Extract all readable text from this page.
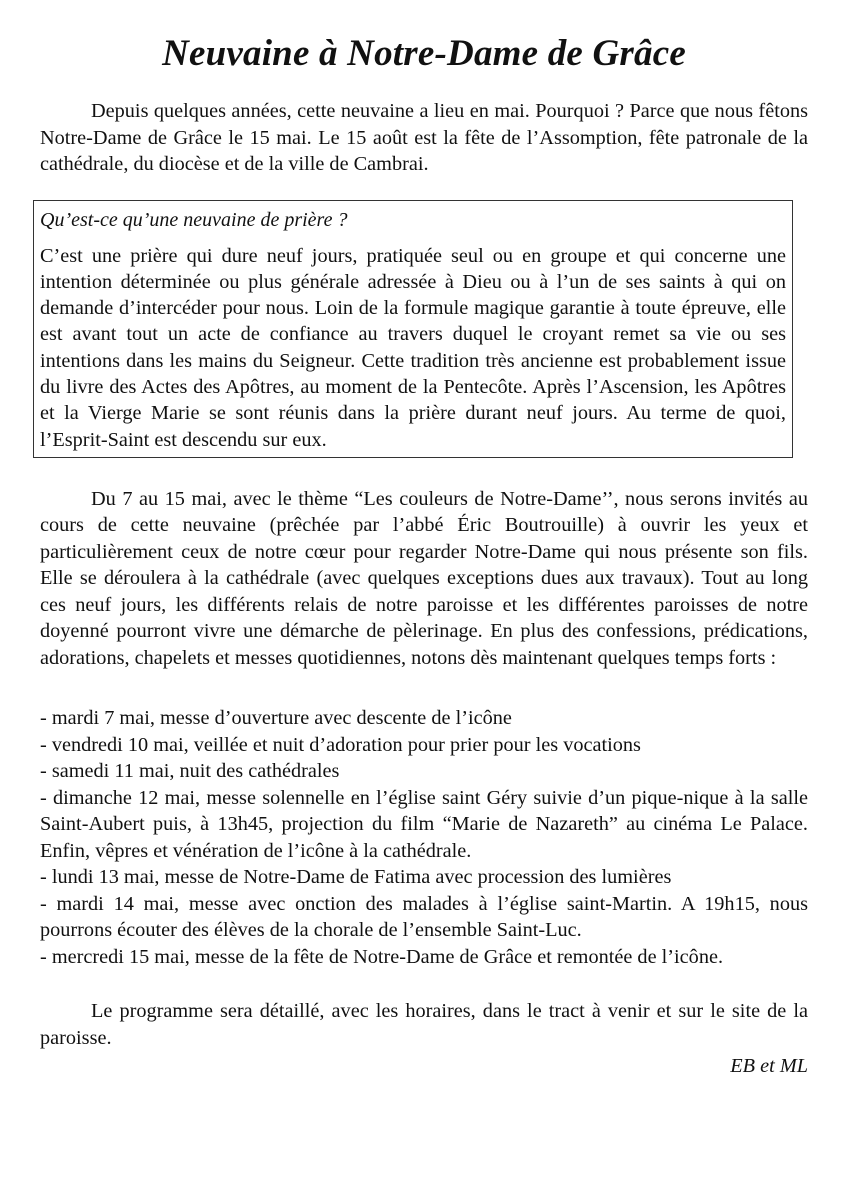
Neuvaine à Notre-Dame de Grâce

Depuis quelques années, cette neuvaine a lieu en mai. Pourquoi ? Parce que nous fêtons Notre-Dame de Grâce le 15 mai. Le 15 août est la fête de l’Assomption, fête patronale de la cathédrale, du diocèse et de la ville de Cambrai.

Qu’est-ce qu’une neuvaine de prière ?

C’est une prière qui dure neuf jours, pratiquée seul ou en groupe et qui concerne une intention déterminée ou plus générale adressée à Dieu ou à l’un de ses saints à qui on demande d’intercéder pour nous. Loin de la formule magique garantie à toute épreuve, elle est avant tout un acte de confiance au travers duquel le croyant remet sa vie ou ses intentions dans les mains du Seigneur. Cette tradition très ancienne est probablement issue du livre des Actes des Apôtres, au moment de la Pentecôte. Après l’Ascension, les Apôtres et la Vierge Marie se sont réunis dans la prière durant neuf jours. Au terme de quoi, l’Esprit-Saint est descendu sur eux.

Du 7 au 15 mai, avec le thème “Les couleurs de Notre-Dame’’, nous serons invités au cours de cette neuvaine (prêchée par l’abbé Éric Boutrouille) à ouvrir les yeux et particulièrement ceux de notre cœur pour regarder Notre-Dame qui nous présente son fils. Elle se déroulera à la cathédrale (avec quelques exceptions dues aux travaux). Tout au long ces neuf jours, les différents relais de notre paroisse et les différentes paroisses de notre doyenné pourront vivre une démarche de pèlerinage. En plus des confessions, prédications, adorations, chapelets et messes quotidiennes, notons dès maintenant quelques temps forts :

- mardi 7 mai, messe d’ouverture avec descente de l’icône
- vendredi 10 mai, veillée et nuit d’adoration pour prier pour les vocations
- samedi 11 mai, nuit des cathédrales
- dimanche 12 mai, messe solennelle en l’église saint Géry suivie d’un pique-nique à la salle Saint-Aubert puis, à 13h45, projection du film “Marie de Nazareth” au cinéma Le Palace. Enfin, vêpres et vénération de l’icône à la cathédrale.
- lundi 13 mai, messe de Notre-Dame de Fatima avec procession des lumières
- mardi 14 mai, messe avec onction des malades à l’église saint-Martin. A 19h15, nous pourrons écouter des élèves de la chorale de l’ensemble Saint-Luc.
- mercredi 15 mai, messe de la fête de Notre-Dame de Grâce et remontée de l’icône.

Le programme sera détaillé, avec les horaires, dans le tract à venir et sur le site de la paroisse.

EB et ML
